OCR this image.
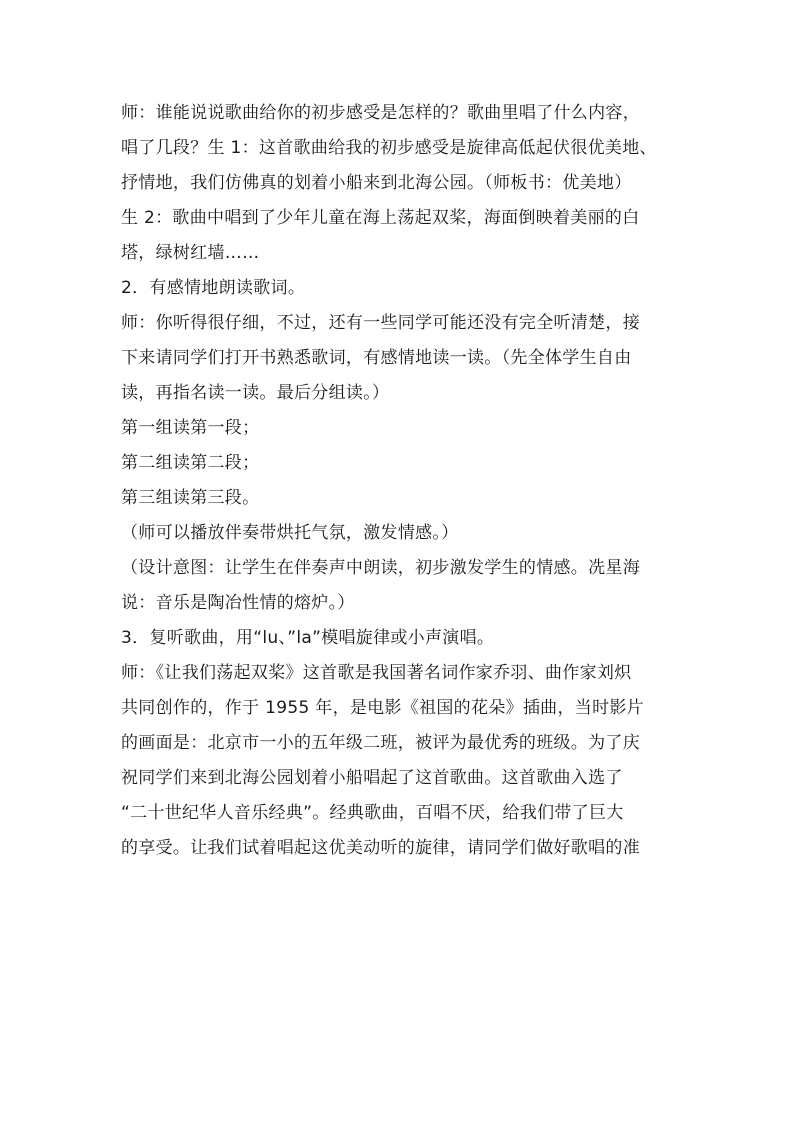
师：谁能说说歌曲给你的初步感受是怎样的？歌曲里唱了什么内容，
唱了几段？生 1：这首歌曲给我的初步感受是旋律高低起伏很优美地、
抒情地，我们仿佛真的划着小船来到北海公园。（师板书：优美地）
生 2：歌曲中唱到了少年儿童在海上荡起双桨，海面倒映着美丽的白
塔，绿树红墙……
2．有感情地朗读歌词。
师：你听得很仔细，不过，还有一些同学可能还没有完全听清楚，接
下来请同学们打开书熟悉歌词，有感情地读一读。（先全体学生自由
读，再指名读一读。最后分组读。）
第一组读第一段；
第二组读第二段；
第三组读第三段。
（师可以播放伴奏带烘托气氛，激发情感。）
（设计意图：让学生在伴奏声中朗读，初步激发学生的情感。冼星海
说：音乐是陶冶性情的熔炉。）
3．复听歌曲，用“lu、”la”模唱旋律或小声演唱。
师：《让我们荡起双桨》这首歌是我国著名词作家乔羽、曲作家刘炽
共同创作的，作于 1955 年，是电影《祖国的花朵》插曲，当时影片
的画面是：北京市一小的五年级二班，被评为最优秀的班级。为了庆
祝同学们来到北海公园划着小船唱起了这首歌曲。这首歌曲入选了
“二十世纪华人音乐经典”。经典歌曲，百唱不厌，给我们带了巨大
的享受。让我们试着唱起这优美动听的旋律，请同学们做好歌唱的准
